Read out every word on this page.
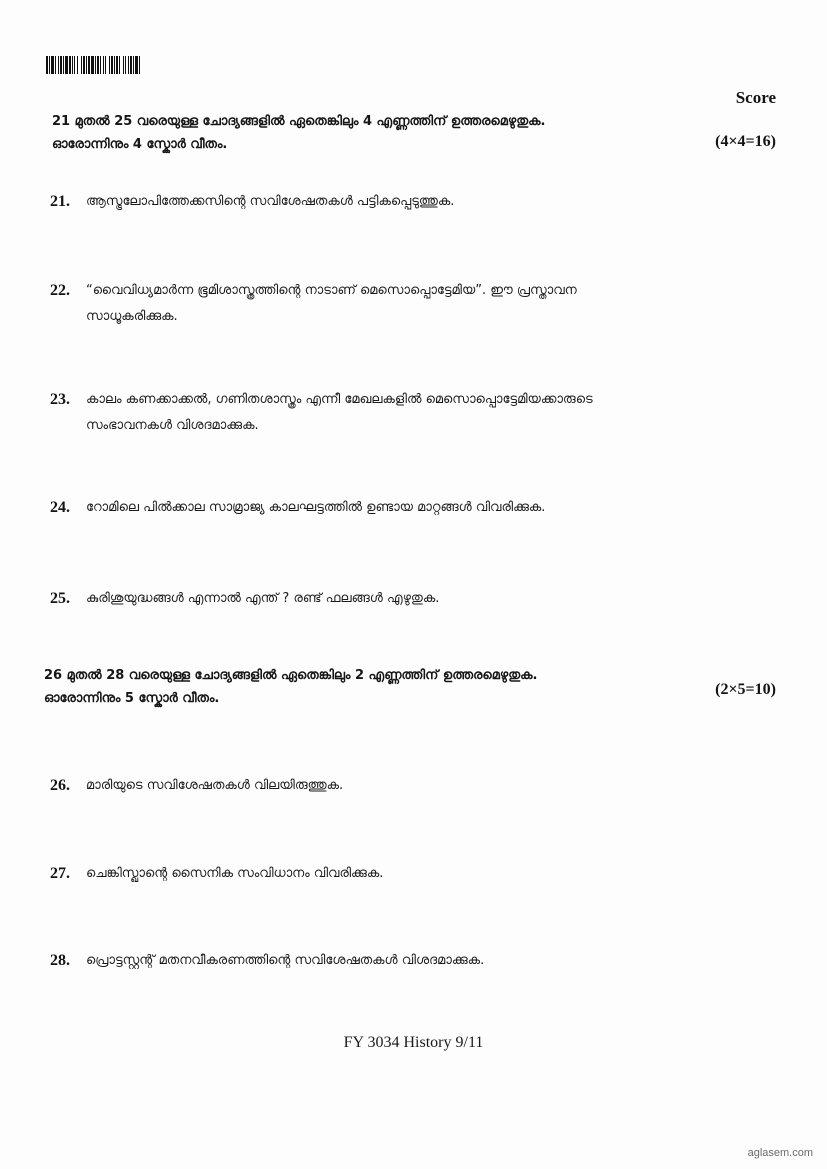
Score
21 മുതൽ 25 വരെയുള്ള ചോദ്യങ്ങളിൽ ഏതെങ്കിലും 4 എണ്ണത്തിന് ഉത്തരമെഴുതുക.
ഓരോന്നിനും 4 സ്കോർ വീതം.	(4×4=16)
21.	ആസ്ട്രലോപിത്തേക്കസിന്റെ സവിശേഷതകൾ പട്ടികപ്പെടുത്തുക.
22.	“വൈവിധ്യമാർന്ന ഭൂമിശാസ്ത്രത്തിന്റെ നാടാണ് മെസൊപ്പൊട്ടേമിയ”. ഈ പ്രസ്താവന
സാധൂകരിക്കുക.
23.	കാലം കണക്കാക്കൽ, ഗണിതശാസ്ത്രം എന്നീ മേഖലകളിൽ മെസൊപ്പൊട്ടേമിയക്കാരുടെ
സംഭാവനകൾ വിശദമാക്കുക.
24.	റോമിലെ പിൽക്കാല സാമ്രാജ്യ കാലഘട്ടത്തിൽ ഉണ്ടായ മാറ്റങ്ങൾ വിവരിക്കുക.
25.	കുരിശുയുദ്ധങ്ങൾ എന്നാൽ എന്ത് ? രണ്ട് ഫലങ്ങൾ എഴുതുക.
26 മുതൽ 28 വരെയുള്ള ചോദ്യങ്ങളിൽ ഏതെങ്കിലും 2 എണ്ണത്തിന് ഉത്തരമെഴുതുക.
ഓരോന്നിനും 5 സ്കോർ വീതം.
(2×5=10)
26.	മാരിയുടെ സവിശേഷതകൾ വിലയിരുത്തുക.
27.	ചെങ്കിസ്ഖാന്റെ സൈനിക സംവിധാനം വിവരിക്കുക.
28.	പ്രൊട്ടസ്റ്റന്റ് മതനവീകരണത്തിന്റെ സവിശേഷതകൾ വിശദമാക്കുക.
FY 3034 History 9/11
aglasem.com
